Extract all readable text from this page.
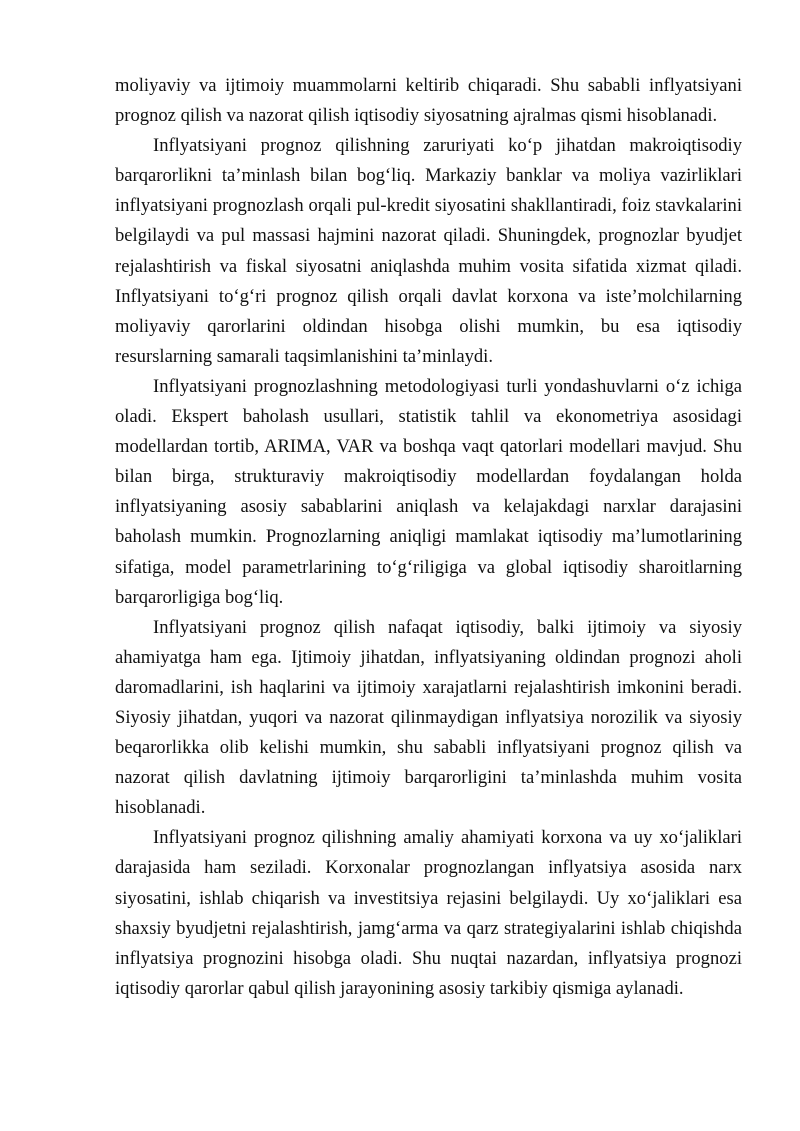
moliyaviy va ijtimoiy muammolarni keltirib chiqaradi. Shu sababli inflyatsiyani prognoz qilish va nazorat qilish iqtisodiy siyosatning ajralmas qismi hisoblanadi.

Inflyatsiyani prognoz qilishning zaruriyati ko‘p jihatdan makroiqtisodiy barqarorlikni ta’minlash bilan bog‘liq. Markaziy banklar va moliya vazirliklari inflyatsiyani prognozlash orqali pul-kredit siyosatini shakllantiradi, foiz stavkalarini belgilaydi va pul massasi hajmini nazorat qiladi. Shuningdek, prognozlar byudjet rejalashtirish va fiskal siyosatni aniqlashda muhim vosita sifatida xizmat qiladi. Inflyatsiyani to‘g‘ri prognoz qilish orqali davlat korxona va iste’molchilarning moliyaviy qarorlarini oldindan hisobga olishi mumkin, bu esa iqtisodiy resurslarning samarali taqsimlanishini ta’minlaydi.

Inflyatsiyani prognozlashning metodologiyasi turli yondashuvlarni o‘z ichiga oladi. Ekspert baholash usullari, statistik tahlil va ekonometriya asosidagi modellardan tortib, ARIMA, VAR va boshqa vaqt qatorlari modellari mavjud. Shu bilan birga, strukturaviy makroiqtisodiy modellardan foydalangan holda inflyatsiyaning asosiy sabablarini aniqlash va kelajakdagi narxlar darajasini baholash mumkin. Prognozlarning aniqligi mamlakat iqtisodiy ma’lumotlarining sifatiga, model parametrlarining to‘g‘riligiga va global iqtisodiy sharoitlarning barqarorligiga bog‘liq.

Inflyatsiyani prognoz qilish nafaqat iqtisodiy, balki ijtimoiy va siyosiy ahamiyatga ham ega. Ijtimoiy jihatdan, inflyatsiyaning oldindan prognozi aholi daromadlarini, ish haqlarini va ijtimoiy xarajatlarni rejalashtirish imkonini beradi. Siyosiy jihatdan, yuqori va nazorat qilinmaydigan inflyatsiya norozilik va siyosiy beqarorlikka olib kelishi mumkin, shu sababli inflyatsiyani prognoz qilish va nazorat qilish davlatning ijtimoiy barqarorligini ta’minlashda muhim vosita hisoblanadi.

Inflyatsiyani prognoz qilishning amaliy ahamiyati korxona va uy xo‘jaliklari darajasida ham seziladi. Korxonalar prognozlangan inflyatsiya asosida narx siyosatini, ishlab chiqarish va investitsiya rejasini belgilaydi. Uy xo‘jaliklari esa shaxsiy byudjetni rejalashtirish, jamg‘arma va qarz strategiyalarini ishlab chiqishda inflyatsiya prognozini hisobga oladi. Shu nuqtai nazardan, inflyatsiya prognozi iqtisodiy qarorlar qabul qilish jarayonining asosiy tarkibiy qismiga aylanadi.
